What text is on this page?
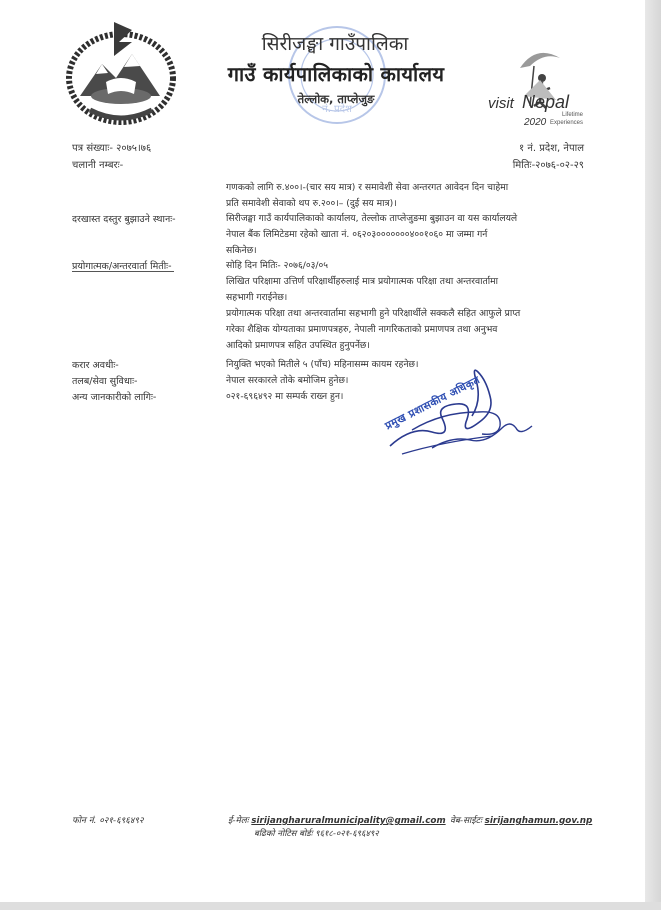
नं. प्रदेश
सिरीजङ्घा गाउँपालिका
गाउँ कार्यपालिकाको कार्यालय
तेल्लोक, ताप्लेजुङ	visit Nepal
Lifetime
2020 Experiences
पत्र संख्याः- २०७५।७६
चलानी नम्बरः-
१ नं. प्रदेश, नेपाल
मितिः-२०७६-०२-२९
गणकको लागि रु.४००।-(चार सय मात्र) र समावेशी सेवा अन्तरगत आवेदन दिन चाहेमा
प्रति समावेशी सेवाको थप रु.२००।– (दुई सय मात्र)।
दरखास्त दस्तुर बुझाउने स्थानः-	सिरीजङ्घा गाउँ कार्यपालिकाको कार्यालय, तेल्लोक ताप्लेजुङमा बुझाउन वा यस कार्यालयले
नेपाल बैंक लिमिटेडमा रहेको खाता नं. ०६२०३०००००००४००१०६० मा जम्मा गर्न
सकिनेछ।
प्रयोगात्मक/अन्तरवार्ता मितीः-	सोहि दिन मितिः- २०७६/०३/०५
लिखित परिक्षामा उत्तिर्ण परिक्षार्थीहरुलाई मात्र प्रयोगात्मक परिक्षा तथा अन्तरवार्तामा
सहभागी गराईनेछ।
प्रयोगात्मक परिक्षा तथा अन्तरवार्तामा सहभागी हुने परिक्षार्थीले सक्कलै सहित आफुले प्राप्त
गरेका शैक्षिक योग्यताका प्रमाणपत्रहरु, नेपाली नागरिकताको प्रमाणपत्र तथा अनुभव
आदिको प्रमाणपत्र सहित उपस्थित हुनुपर्नेछ।
करार अवधीः-	नियुक्ति भएको मितीले ५ (पाँच) महिनासम्म कायम रहनेछ।
तलब/सेवा सुविधाः-	नेपाल सरकारले तोके बमोजिम हुनेछ।
अन्य जानकारीको लागिः-	०२१-६९६४९२ मा सम्पर्क राख्न हुन।	प्रमुख प्रशासकीय अधिकृत
फोन नं. ०२१-६९६४९२	ई-मेलः sirijangharuralmunicipality@gmail.com वेब-साईटः sirijanghamun.gov.np
बढिको नोटिस बोर्डः ९६१८-०२१-६९६४९२
